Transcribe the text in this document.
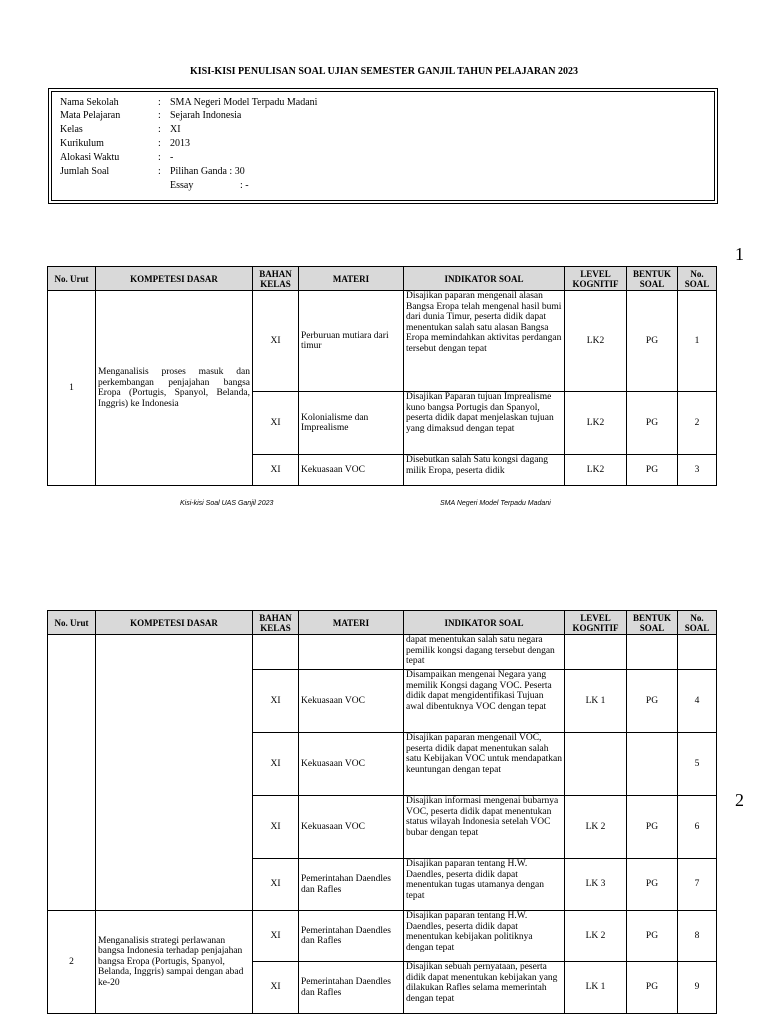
KISI-KISI PENULISAN SOAL UJIAN SEMESTER GANJIL TAHUN PELAJARAN 2023
Nama Sekolah	: SMA Negeri Model Terpadu Madani
Mata Pelajaran	: Sejarah Indonesia
Kelas	: XI
Kurikulum	: 2013
Alokasi Waktu	: -
Jumlah Soal	: Pilihan Ganda : 30
Essay	: -
1
No. Urut	KOMPETESI DASAR	BAHAN KELAS	MATERI	INDIKATOR SOAL	LEVEL KOGNITIF	BENTUK SOAL	No. SOAL
1	Menganalisis proses masuk dan perkembangan penjajahan bangsa Eropa (Portugis, Spanyol, Belanda, Inggris) ke Indonesia	XI	Perburuan mutiara dari timur	Disajikan paparan mengenail alasan Bangsa Eropa telah mengenal hasil bumi dari dunia Timur, peserta didik dapat menentukan salah satu alasan Bangsa Eropa memindahkan aktivitas perdangan tersebut dengan tepat	LK2	PG	1
		XI	Kolonialisme dan Imprealisme	Disajikan Paparan tujuan Imprealisme kuno bangsa Portugis dan Spanyol, peserta didik dapat menjelaskan tujuan yang dimaksud dengan tepat	LK2	PG	2
		XI	Kekuasaan VOC	Disebutkan salah Satu kongsi dagang milik Eropa, peserta didik	LK2	PG	3
Kisi-kisi Soal UAS Ganjil 2023	SMA Negeri Model Terpadu Madani
2
No. Urut	KOMPETESI DASAR	BAHAN KELAS	MATERI	INDIKATOR SOAL	LEVEL KOGNITIF	BENTUK SOAL	No. SOAL
				dapat menentukan salah satu negara pemilik kongsi dagang tersebut dengan tepat			
		XI	Kekuasaan VOC	Disampaikan mengenai Negara yang memilik Kongsi dagang VOC. Peserta didik dapat mengidentifikasi Tujuan awal dibentuknya VOC dengan tepat	LK 1	PG	4
		XI	Kekuasaan VOC	Disajikan paparan mengenail VOC, peserta didik dapat menentukan salah satu Kebijakan VOC untuk mendapatkan keuntungan dengan tepat			5
		XI	Kekuasaan VOC	Disajikan informasi mengenai bubarnya VOC, peserta didik dapat menentukan status wilayah Indonesia setelah VOC bubar dengan tepat	LK 2	PG	6
		XI	Pemerintahan Daendles dan Rafles	Disajikan paparan tentang H.W. Daendles, peserta didik dapat menentukan tugas utamanya dengan tepat	LK 3	PG	7
2	Menganalisis strategi perlawanan bangsa Indonesia terhadap penjajahan bangsa Eropa (Portugis, Spanyol, Belanda, Inggris) sampai dengan abad ke-20	XI	Pemerintahan Daendles dan Rafles	Disajikan paparan tentang H.W. Daendles, peserta didik dapat menentukan kebijakan politiknya dengan tepat	LK 2	PG	8
		XI	Pemerintahan Daendles dan Rafles	Disajikan sebuah pernyataan, peserta didik dapat menentukan kebijakan yang dilakukan Rafles selama memerintah dengan tepat	LK 1	PG	9
